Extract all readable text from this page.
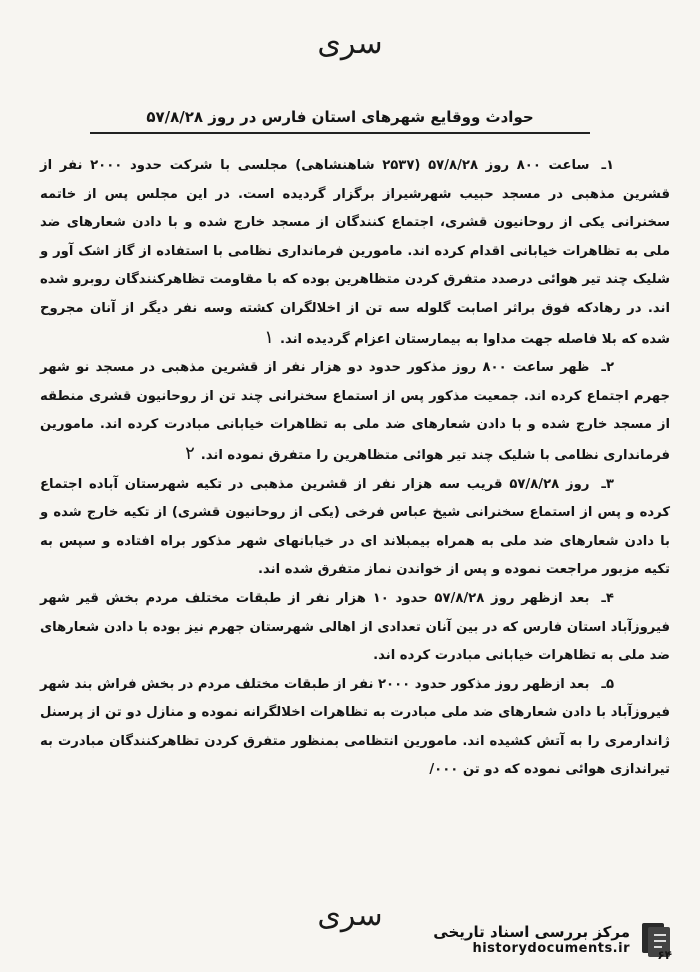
سری
حوادث ووقایع شهرهای استان فارس در روز ۵۷/۸/۲۸

۱ـساعت ۸۰۰ روز ۵۷/۸/۲۸ (۲۵۳۷ شاهنشاهی) مجلسی با شرکت حدود ۲۰۰۰ نفر از قشرین مذهبی در مسجد حبیب شهرشیراز برگزار گردیده است. در این مجلس پس از خاتمه سخنرانی یکی از روحانیون قشری، اجتماع کنندگان از مسجد خارج شده و با دادن شعارهای ضد ملی به تظاهرات خیابانی اقدام کرده اند. مامورین فرمانداری نظامی با استفاده از گاز اشک آور و شلیک چند تیر هوائی درصدد متفرق کردن متظاهرین بوده که با مقاومت تظاهرکنندگان روبرو شده اند. در رهادکه فوق براثر اصابت گلوله سه تن از اخلالگران کشته وسه نفر دیگر از آنان مجروح شده که بلا فاصله جهت مداوا به بیمارستان اعزام گردیده اند.۱

۲ـظهر ساعت ۸۰۰ روز مذکور حدود دو هزار نفر از قشرین مذهبی در مسجد نو شهر جهرم اجتماع کرده اند. جمعیت مذکور پس از استماع سخنرانی چند تن از روحانیون قشری منطقه از مسجد خارج شده و با دادن شعارهای ضد ملی به تظاهرات خیابانی مبادرت کرده اند. مامورین فرمانداری نظامی با شلیک چند تیر هوائی متظاهرین را متفرق نموده اند.۲

۳ـروز ۵۷/۸/۲۸ قریب سه هزار نفر از قشرین مذهبی در تکیه شهرستان آباده اجتماع کرده و پس از استماع سخنرانی شیخ عباس فرخی (یکی از روحانیون قشری) از تکیه خارج شده و با دادن شعارهای ضد ملی به همراه بیمبلاند ای در خیابانهای شهر مذکور براه افتاده و سپس به تکیه مزبور مراجعت نموده و پس از خواندن نماز متفرق شده اند.

۴ـبعد ازظهر روز ۵۷/۸/۲۸ حدود ۱۰ هزار نفر از طبقات مختلف مردم بخش قیر شهر فیروزآباد استان فارس که در بین آنان تعدادی از اهالی شهرستان جهرم نیز بوده با دادن شعارهای ضد ملی به تظاهرات خیابانی مبادرت کرده اند.

۵ـبعد ازظهر روز مذکور حدود ۲۰۰۰ نفر از طبقات مختلف مردم در بخش فراش بند شهر فیروزآباد با دادن شعارهای ضد ملی مبادرت به تظاهرات اخلالگرانه نموده و منازل دو تن از پرسنل ژاندارمری را به آتش کشیده اند. مامورین انتظامی بمنظور متفرق کردن تظاهرکنندگان مبادرت به تیراندازی هوائی نموده که دو تن ۰۰۰/

سری	مرکز بررسی اسناد تاریخی
historydocuments.ir ۶۴
